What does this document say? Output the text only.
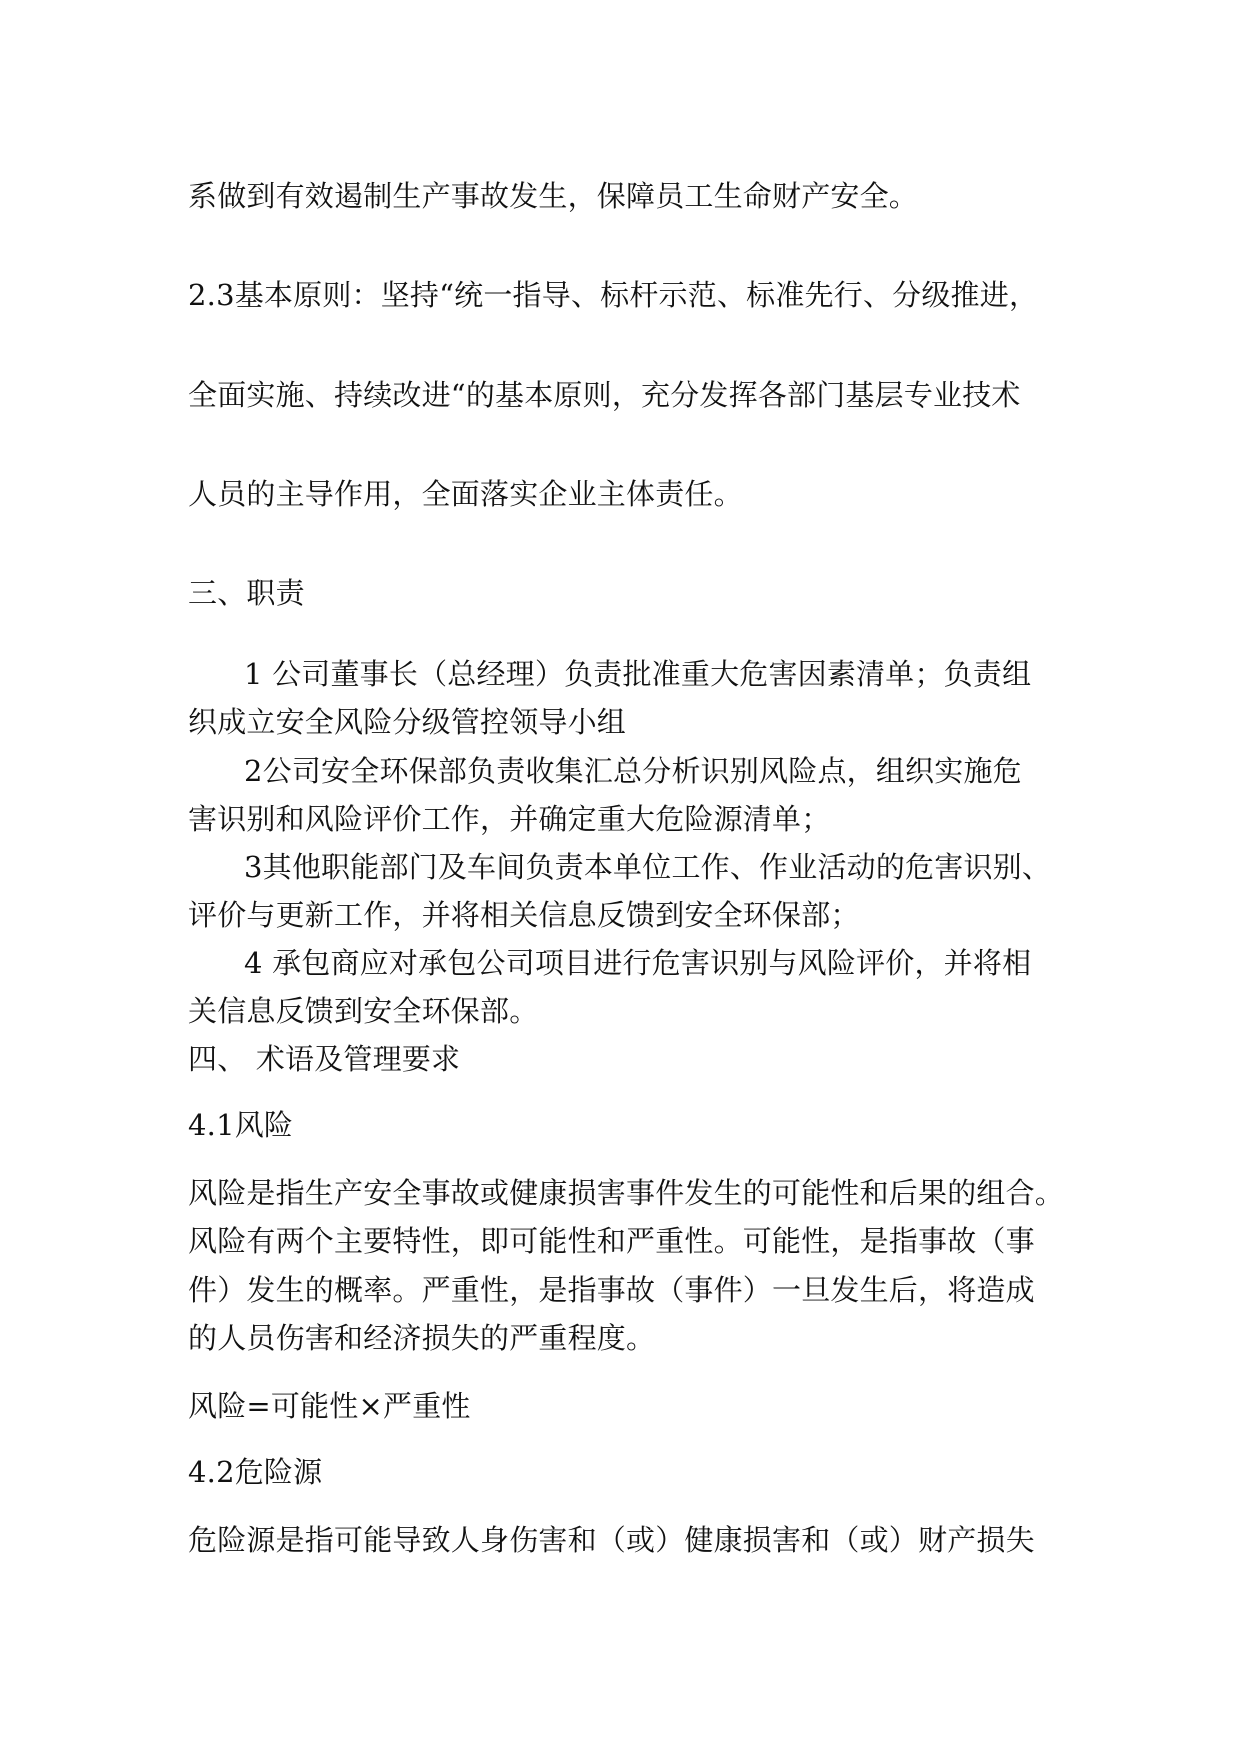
系做到有效遏制生产事故发生，保障员工生命财产安全。

2.3基本原则：坚持“统一指导、标杆示范、标准先行、分级推进，

全面实施、持续改进“的基本原则，充分发挥各部门基层专业技术

人员的主导作用，全面落实企业主体责任。

三、职责

1 公司董事长（总经理）负责批准重大危害因素清单；负责组

织成立安全风险分级管控领导小组

2公司安全环保部负责收集汇总分析识别风险点，组织实施危

害识别和风险评价工作，并确定重大危险源清单；

3其他职能部门及车间负责本单位工作、作业活动的危害识别、

评价与更新工作，并将相关信息反馈到安全环保部；

4 承包商应对承包公司项目进行危害识别与风险评价，并将相

关信息反馈到安全环保部。

四、 术语及管理要求

4.1风险

风险是指生产安全事故或健康损害事件发生的可能性和后果的组合。

风险有两个主要特性，即可能性和严重性。可能性，是指事故（事

件）发生的概率。严重性，是指事故（事件）一旦发生后，将造成

的人员伤害和经济损失的严重程度。

风险=可能性×严重性

4.2危险源

危险源是指可能导致人身伤害和（或）健康损害和（或）财产损失
